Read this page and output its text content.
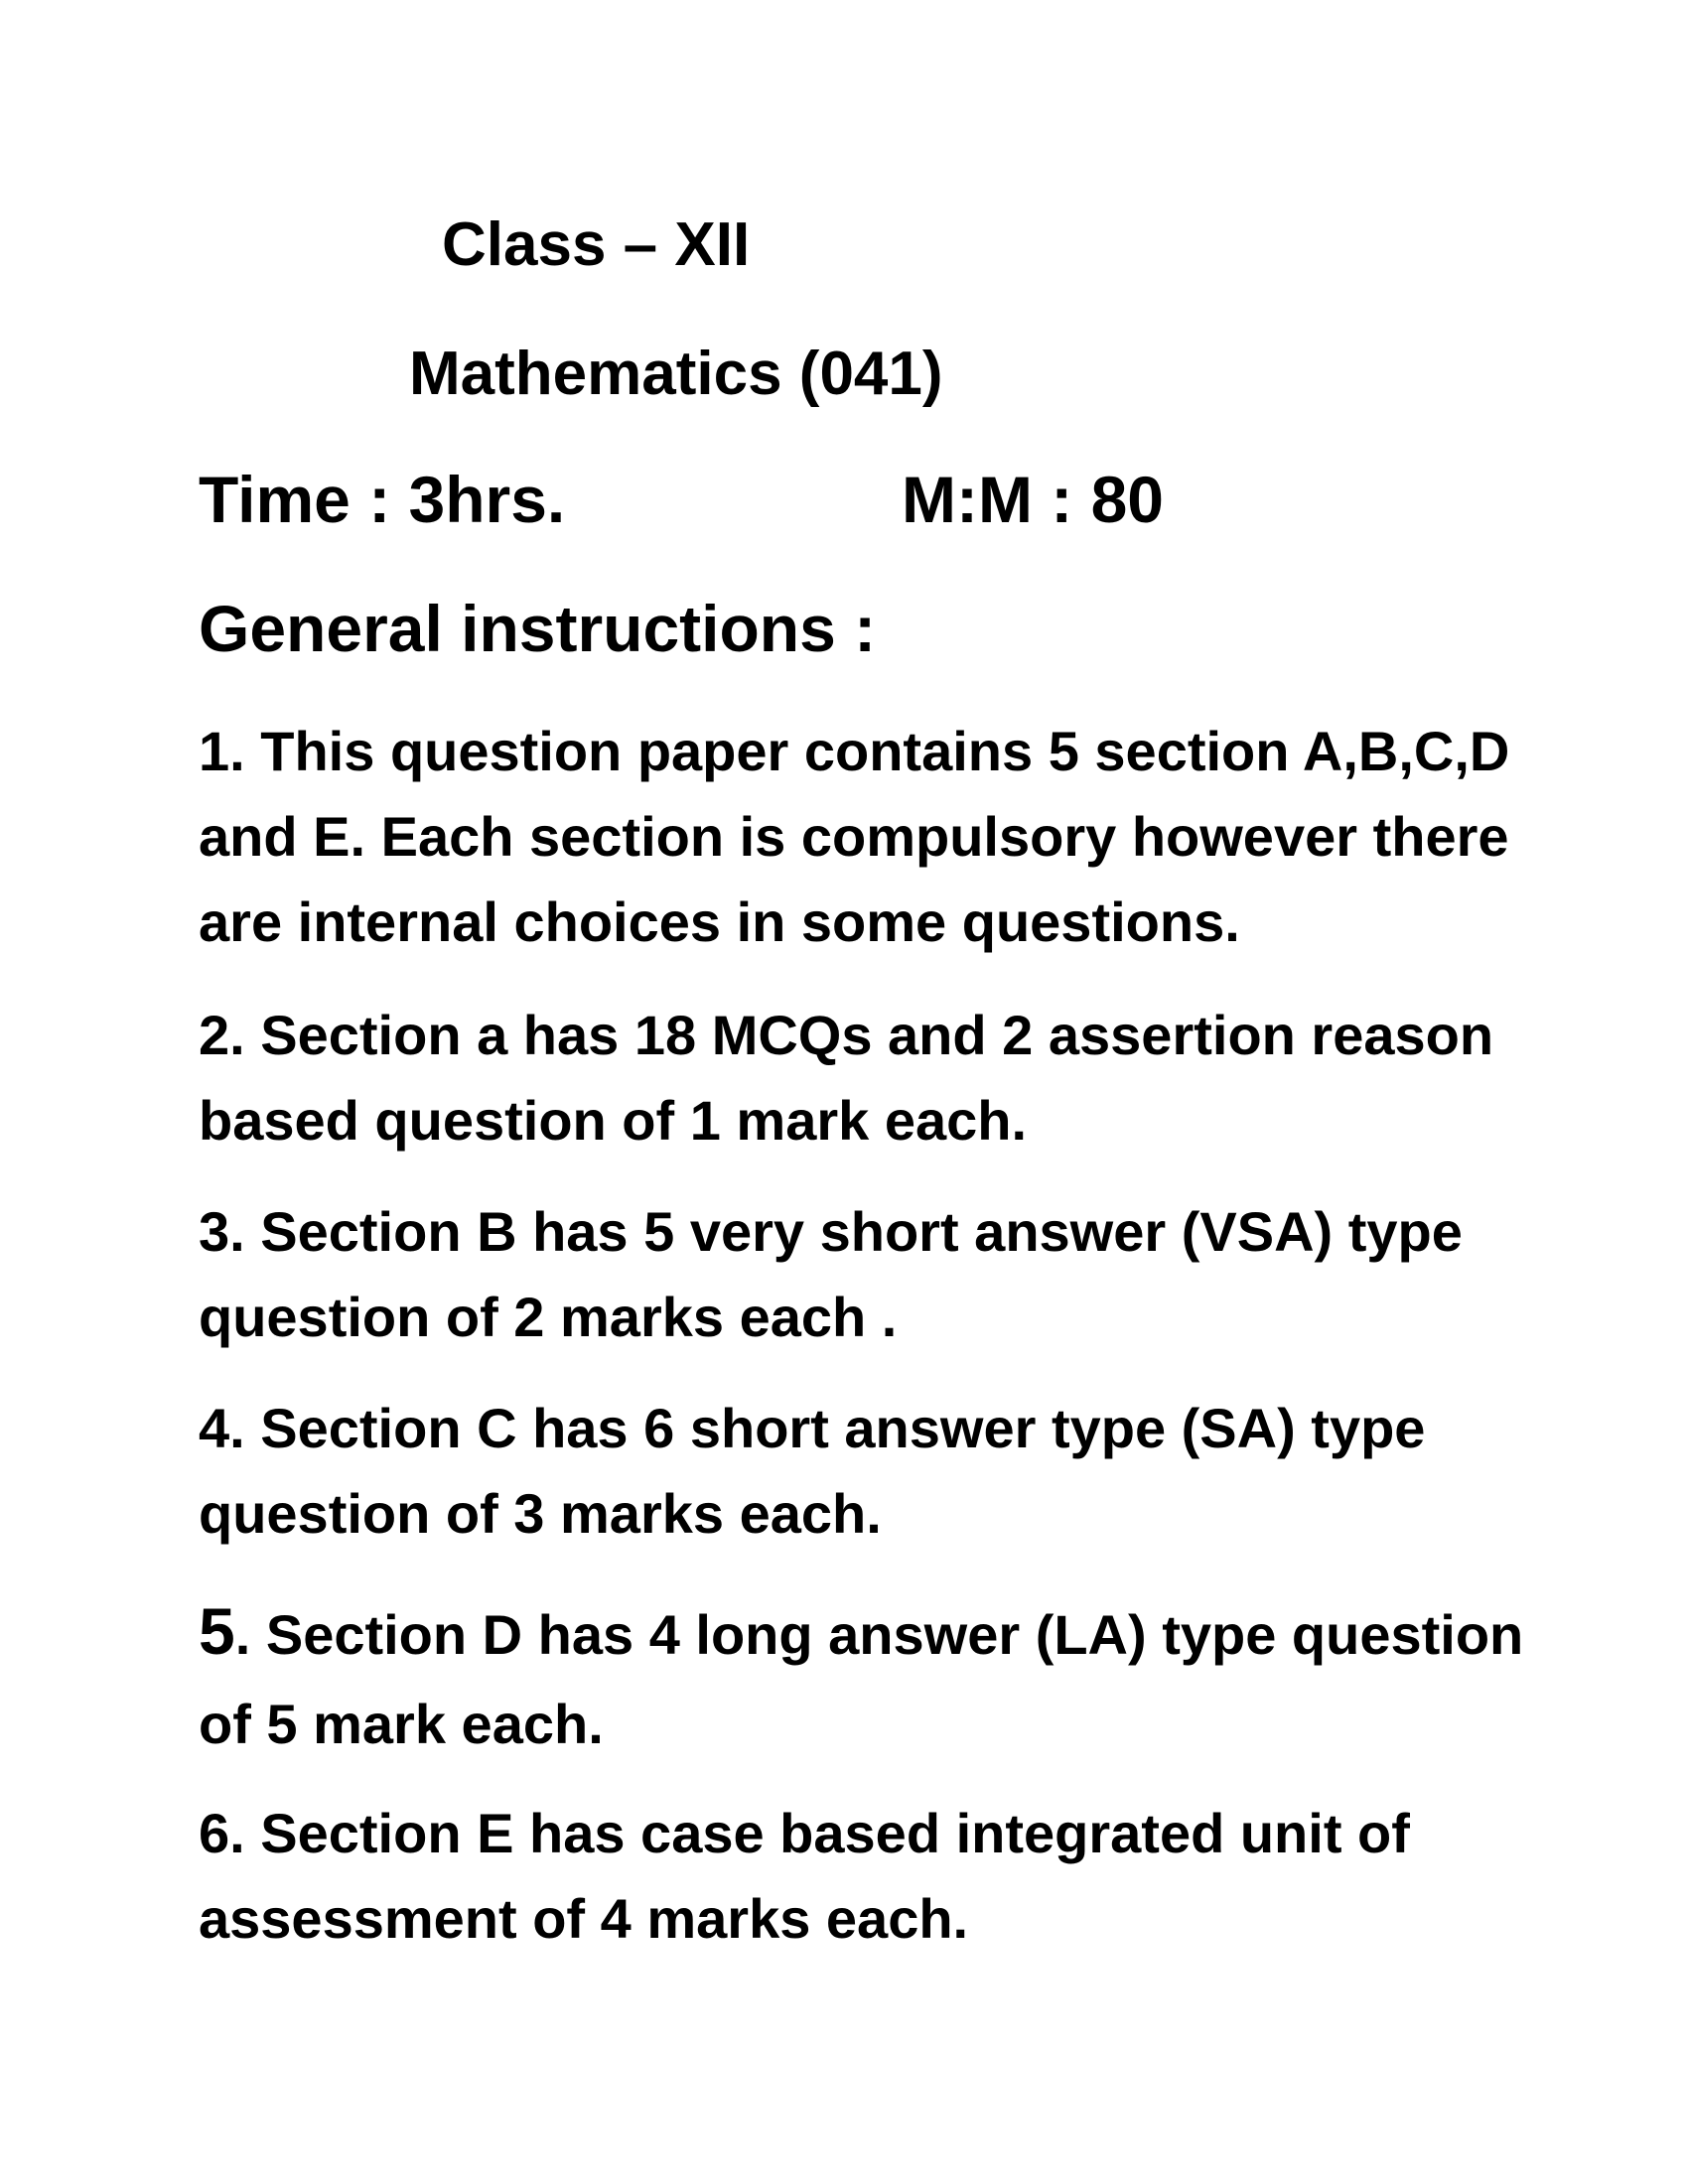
Class – XII
Mathematics (041)
Time : 3hrs.	M:M : 80
General instructions :
1. This question paper contains 5 section A,B,C,D
and E. Each section is compulsory however there
are internal choices in some questions.
2. Section a has 18 MCQs and 2 assertion reason
based question of 1 mark each.
3. Section B has 5 very short answer (VSA) type
question of 2 marks each .
4. Section C has 6 short answer type (SA) type
question of 3 marks each.
5. Section D has 4 long answer (LA) type question
of 5 mark each.
6. Section E has case based integrated unit of
assessment of 4 marks each.
